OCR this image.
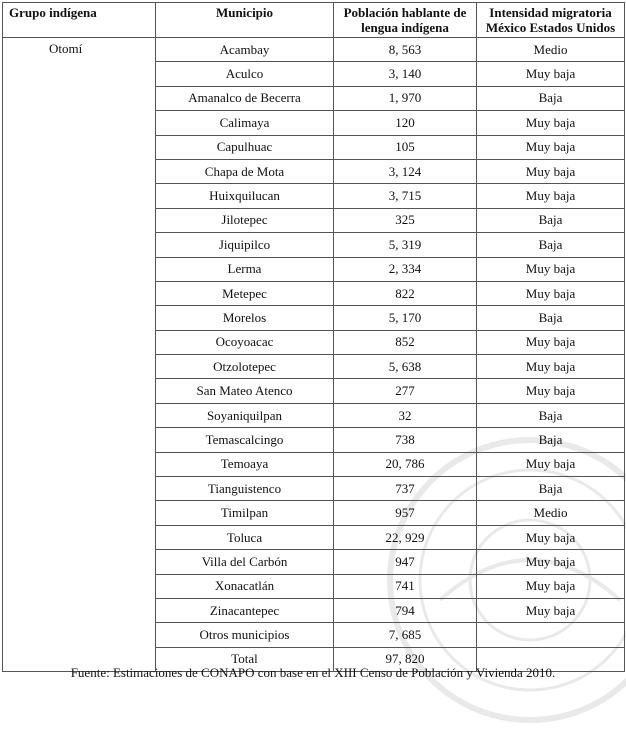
Grupo indígena	Municipio	Población hablante de lengua indígena	Intensidad migratoria México Estados Unidos
Otomí	Acambay	8, 563	Medio
	Aculco	3, 140	Muy baja
	Amanalco de Becerra	1, 970	Baja
	Calimaya	120	Muy baja
	Capulhuac	105	Muy baja
	Chapa de Mota	3, 124	Muy baja
	Huixquilucan	3, 715	Muy baja
	Jilotepec	325	Baja
	Jiquipilco	5, 319	Baja
	Lerma	2, 334	Muy baja
	Metepec	822	Muy baja
	Morelos	5, 170	Baja
	Ocoyoacac	852	Muy baja
	Otzolotepec	5, 638	Muy baja
	San Mateo Atenco	277	Muy baja
	Soyaniquilpan	32	Baja
	Temascalcingo	738	Baja
	Temoaya	20, 786	Muy baja
	Tianguistenco	737	Baja
	Timilpan	957	Medio
	Toluca	22, 929	Muy baja
	Villa del Carbón	947	Muy baja
	Xonacatlán	741	Muy baja
	Zinacantepec	794	Muy baja
	Otros municipios	7, 685	
	Total	97, 820	
Fuente: Estimaciones de CONAPO con base en el XIII Censo de Población y Vivienda 2010.
